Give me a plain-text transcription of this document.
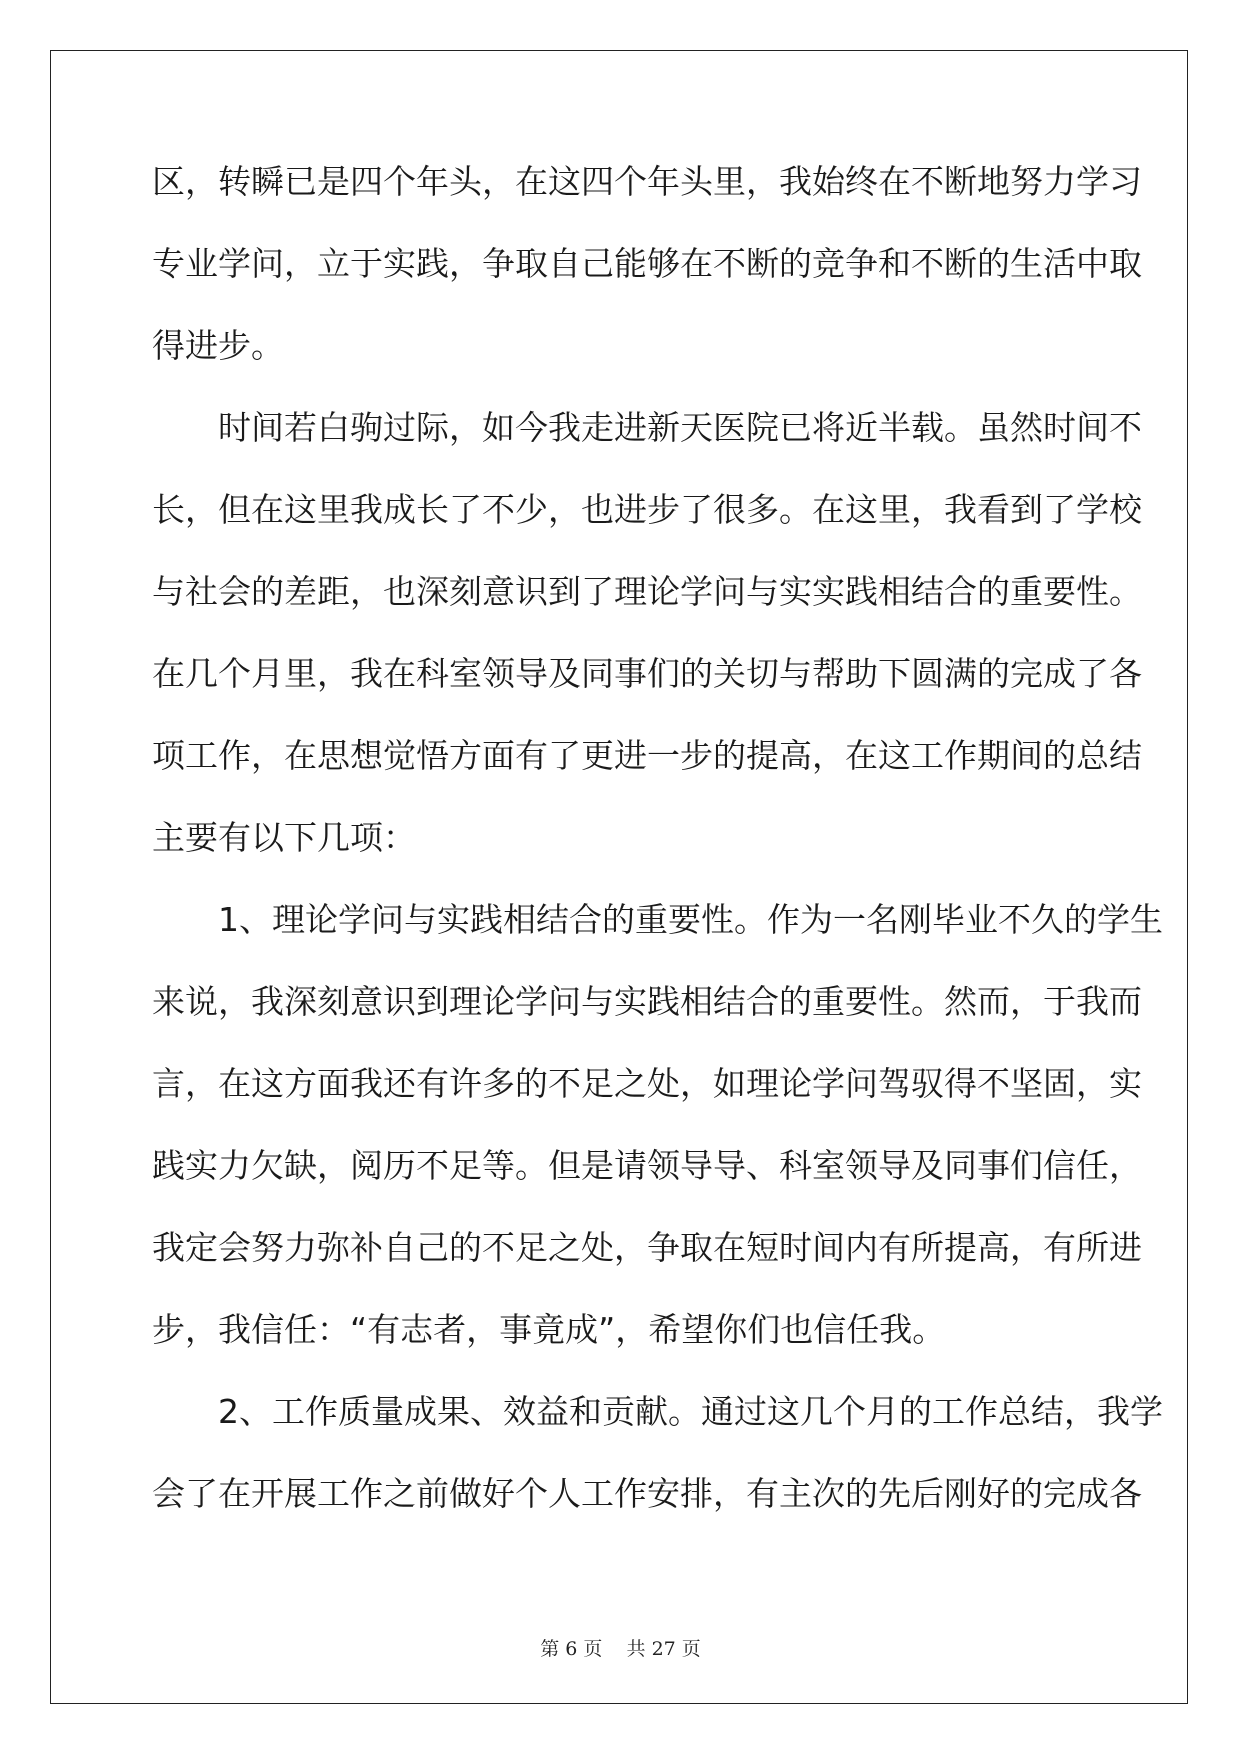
区，转瞬已是四个年头，在这四个年头里，我始终在不断地努力学习
专业学问，立于实践，争取自己能够在不断的竞争和不断的生活中取
得进步。
时间若白驹过际，如今我走进新天医院已将近半载。虽然时间不
长，但在这里我成长了不少，也进步了很多。在这里，我看到了学校
与社会的差距，也深刻意识到了理论学问与实实践相结合的重要性。
在几个月里，我在科室领导及同事们的关切与帮助下圆满的完成了各
项工作，在思想觉悟方面有了更进一步的提高，在这工作期间的总结
主要有以下几项：
1、理论学问与实践相结合的重要性。作为一名刚毕业不久的学生
来说，我深刻意识到理论学问与实践相结合的重要性。然而，于我而
言，在这方面我还有许多的不足之处，如理论学问驾驭得不坚固，实
践实力欠缺，阅历不足等。但是请领导导、科室领导及同事们信任，
我定会努力弥补自己的不足之处，争取在短时间内有所提高，有所进
步，我信任：“有志者，事竟成”，希望你们也信任我。
2、工作质量成果、效益和贡献。通过这几个月的工作总结，我学
会了在开展工作之前做好个人工作安排，有主次的先后刚好的完成各
第 6 页 共 27 页
